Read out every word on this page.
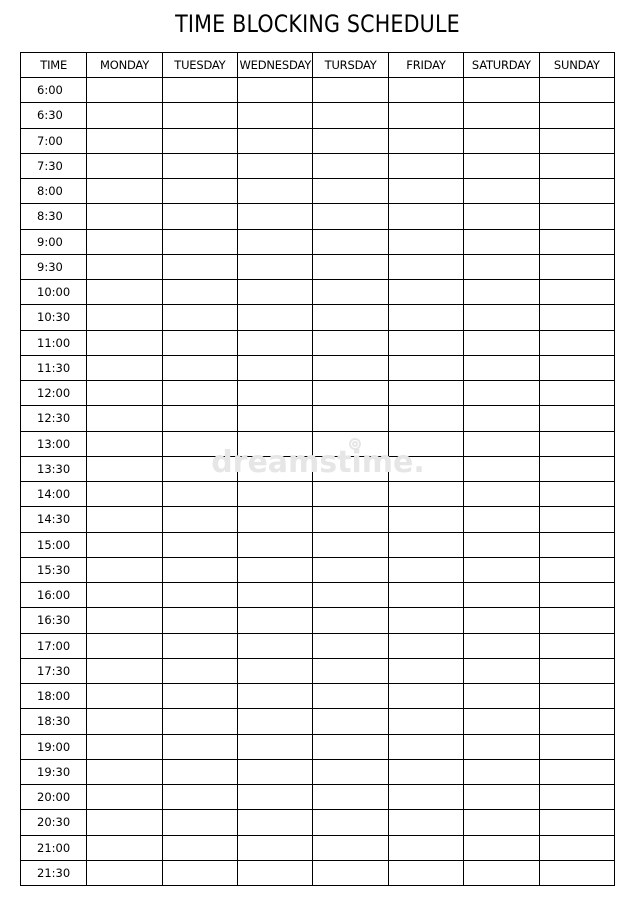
TIME BLOCKING SCHEDULE
TIME	MONDAY	TUESDAY	WEDNESDAY	TURSDAY	FRIDAY	SATURDAY	SUNDAY
6:00							
6:30							
7:00							
7:30							
8:00							
8:30							
9:00							
9:30							
10:00							
10:30							
11:00							
11:30							
12:00							
12:30							
13:00							
13:30							
14:00							
14:30							
15:00							
15:30							
16:00							
16:30							
17:00							
17:30							
18:00							
18:30							
19:00							
19:30							
20:00							
20:30							
21:00							
21:30							
dreamstime.
